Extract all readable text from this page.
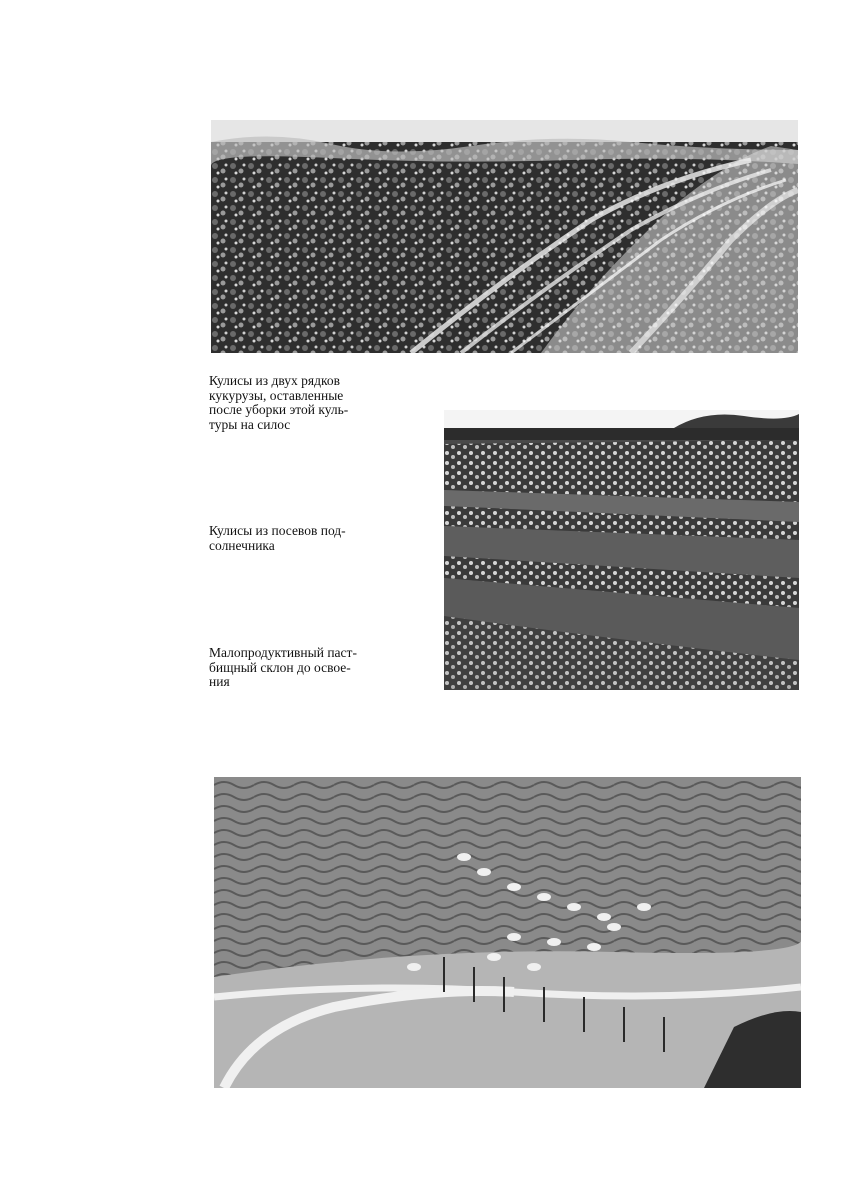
Кулисы из двух рядков
кукурузы, оставленные
после уборки этой куль-
туры на силос
Кулисы из посевов под-
солнечника
Малопродуктивный паст-
бищный склон до освое-
ния
